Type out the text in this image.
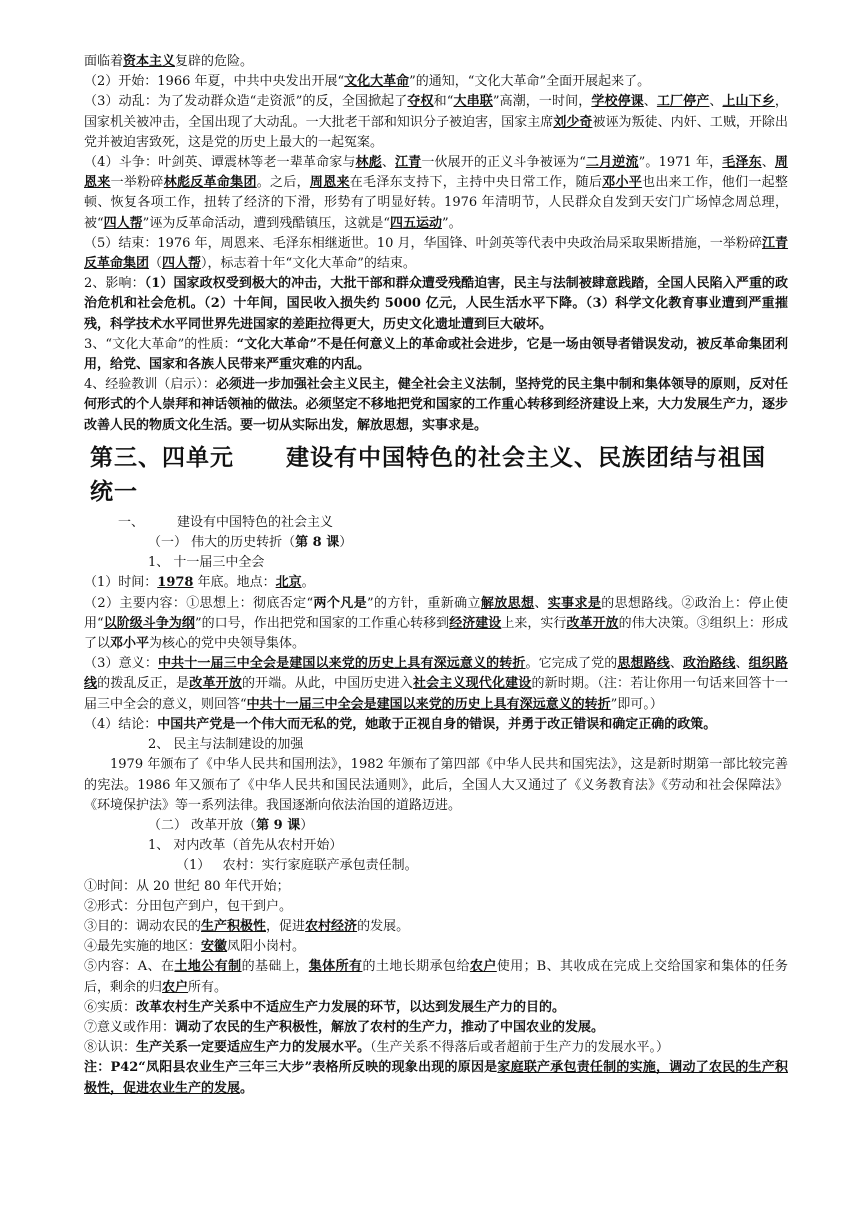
面临着资本主义复辟的危险。

（2）开始：1966 年夏，中共中央发出开展“文化大革命”的通知，“文化大革命”全面开展起来了。

（3）动乱：为了发动群众造“走资派”的反，全国掀起了夺权和“大串联”高潮，一时间，学校停课、工厂停产、上山下乡，国家机关被冲击，全国出现了大动乱。一大批老干部和知识分子被迫害，国家主席刘少奇被诬为叛徒、内奸、工贼，开除出党并被迫害致死，这是党的历史上最大的一起冤案。

（4）斗争：叶剑英、谭震林等老一辈革命家与林彪、江青一伙展开的正义斗争被诬为“二月逆流”。1971 年，毛泽东、周恩来一举粉碎林彪反革命集团。之后，周恩来在毛泽东支持下，主持中央日常工作，随后邓小平也出来工作，他们一起整顿、恢复各项工作，扭转了经济的下滑，形势有了明显好转。1976 年清明节，人民群众自发到天安门广场悼念周总理，被“四人帮”诬为反革命活动，遭到残酷镇压，这就是“四五运动”。

（5）结束：1976 年，周恩来、毛泽东相继逝世。10 月，华国锋、叶剑英等代表中央政治局采取果断措施，一举粉碎江青反革命集团（四人帮），标志着十年“文化大革命”的结束。

2、影响：（1）国家政权受到极大的冲击，大批干部和群众遭受残酷迫害，民主与法制被肆意践踏，全国人民陷入严重的政治危机和社会危机。（2）十年间，国民收入损失约 5000 亿元，人民生活水平下降。（3）科学文化教育事业遭到严重摧残，科学技术水平同世界先进国家的差距拉得更大，历史文化遗址遭到巨大破坏。

3、“文化大革命”的性质：“文化大革命”不是任何意义上的革命或社会进步，它是一场由领导者错误发动，被反革命集团利用，给党、国家和各族人民带来严重灾难的内乱。

4、经验教训（启示）：必须进一步加强社会主义民主，健全社会主义法制，坚持党的民主集中制和集体领导的原则，反对任何形式的个人崇拜和神话领袖的做法。必须坚定不移地把党和国家的工作重心转移到经济建设上来，大力发展生产力，逐步改善人民的物质文化生活。要一切从实际出发，解放思想，实事求是。

第三、四单元 建设有中国特色的社会主义、民族团结与祖国统一

一、        建设有中国特色的社会主义

（一） 伟大的历史转折（第 8 课）

1、 十一届三中全会

（1）时间：1978 年底。地点：北京。

（2）主要内容：①思想上：彻底否定“两个凡是”的方针，重新确立解放思想、实事求是的思想路线。②政治上：停止使用“以阶级斗争为纲”的口号，作出把党和国家的工作重心转移到经济建设上来，实行改革开放的伟大决策。③组织上：形成了以邓小平为核心的党中央领导集体。

（3）意义：中共十一届三中全会是建国以来党的历史上具有深远意义的转折。它完成了党的思想路线、政治路线、组织路线的拨乱反正，是改革开放的开端。从此，中国历史进入社会主义现代化建设的新时期。（注：若让你用一句话来回答十一届三中全会的意义，则回答“中共十一届三中全会是建国以来党的历史上具有深远意义的转折”即可。）

（4）结论：中国共产党是一个伟大而无私的党，她敢于正视自身的错误，并勇于改正错误和确定正确的政策。

2、 民主与法制建设的加强

1979 年颁布了《中华人民共和国刑法》，1982 年颁布了第四部《中华人民共和国宪法》，这是新时期第一部比较完善的宪法。1986 年又颁布了《中华人民共和国民法通则》，此后，全国人大又通过了《义务教育法》《劳动和社会保障法》《环境保护法》等一系列法律。我国逐渐向依法治国的道路迈进。

（二） 改革开放（第 9 课）

1、 对内改革（首先从农村开始）

（1）   农村：实行家庭联产承包责任制。

①时间：从 20 世纪 80 年代开始；

②形式：分田包产到户，包干到户。

③目的：调动农民的生产积极性，促进农村经济的发展。

④最先实施的地区：安徽凤阳小岗村。

⑤内容：A、在土地公有制的基础上，集体所有的土地长期承包给农户使用；B、其收成在完成上交给国家和集体的任务后，剩余的归农户所有。

⑥实质：改革农村生产关系中不适应生产力发展的环节，以达到发展生产力的目的。

⑦意义或作用：调动了农民的生产积极性，解放了农村的生产力，推动了中国农业的发展。

⑧认识：生产关系一定要适应生产力的发展水平。（生产关系不得落后或者超前于生产力的发展水平。）

注：P42“凤阳县农业生产三年三大步”表格所反映的现象出现的原因是家庭联产承包责任制的实施，调动了农民的生产积极性，促进农业生产的发展。
